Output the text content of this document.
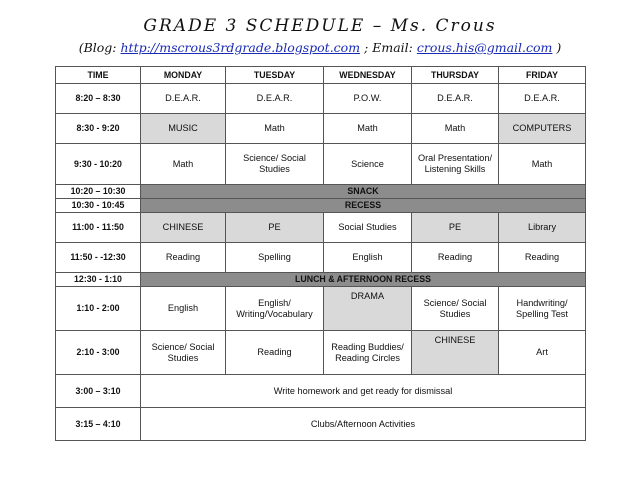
GRADE 3 SCHEDULE – Ms. Crous
(Blog: http://mscrous3rdgrade.blogspot.com ; Email: crous.his@gmail.com )
TIME	MONDAY	TUESDAY	WEDNESDAY	THURSDAY	FRIDAY
8:20 – 8:30	D.E.A.R.	D.E.A.R.	P.O.W.	D.E.A.R.	D.E.A.R.
8:30 - 9:20	MUSIC	Math	Math	Math	COMPUTERS
9:30 - 10:20	Math	Science/ Social Studies	Science	Oral Presentation/ Listening Skills	Math
10:20 – 10:30	SNACK				
10:30 - 10:45	RECESS				
11:00 - 11:50	CHINESE	PE	Social Studies	PE	Library
11:50 - -12:30	Reading	Spelling	English	Reading	Reading
12:30 - 1:10	LUNCH & AFTERNOON RECESS				
1:10 - 2:00	English	English/ Writing/Vocabulary	DRAMA	Science/ Social Studies	Handwriting/ Spelling Test
2:10 - 3:00	Science/ Social Studies	Reading	Reading Buddies/ Reading Circles	CHINESE	Art
3:00 – 3:10	Write homework and get ready for dismissal				
3:15 – 4:10	Clubs/Afternoon Activities				
